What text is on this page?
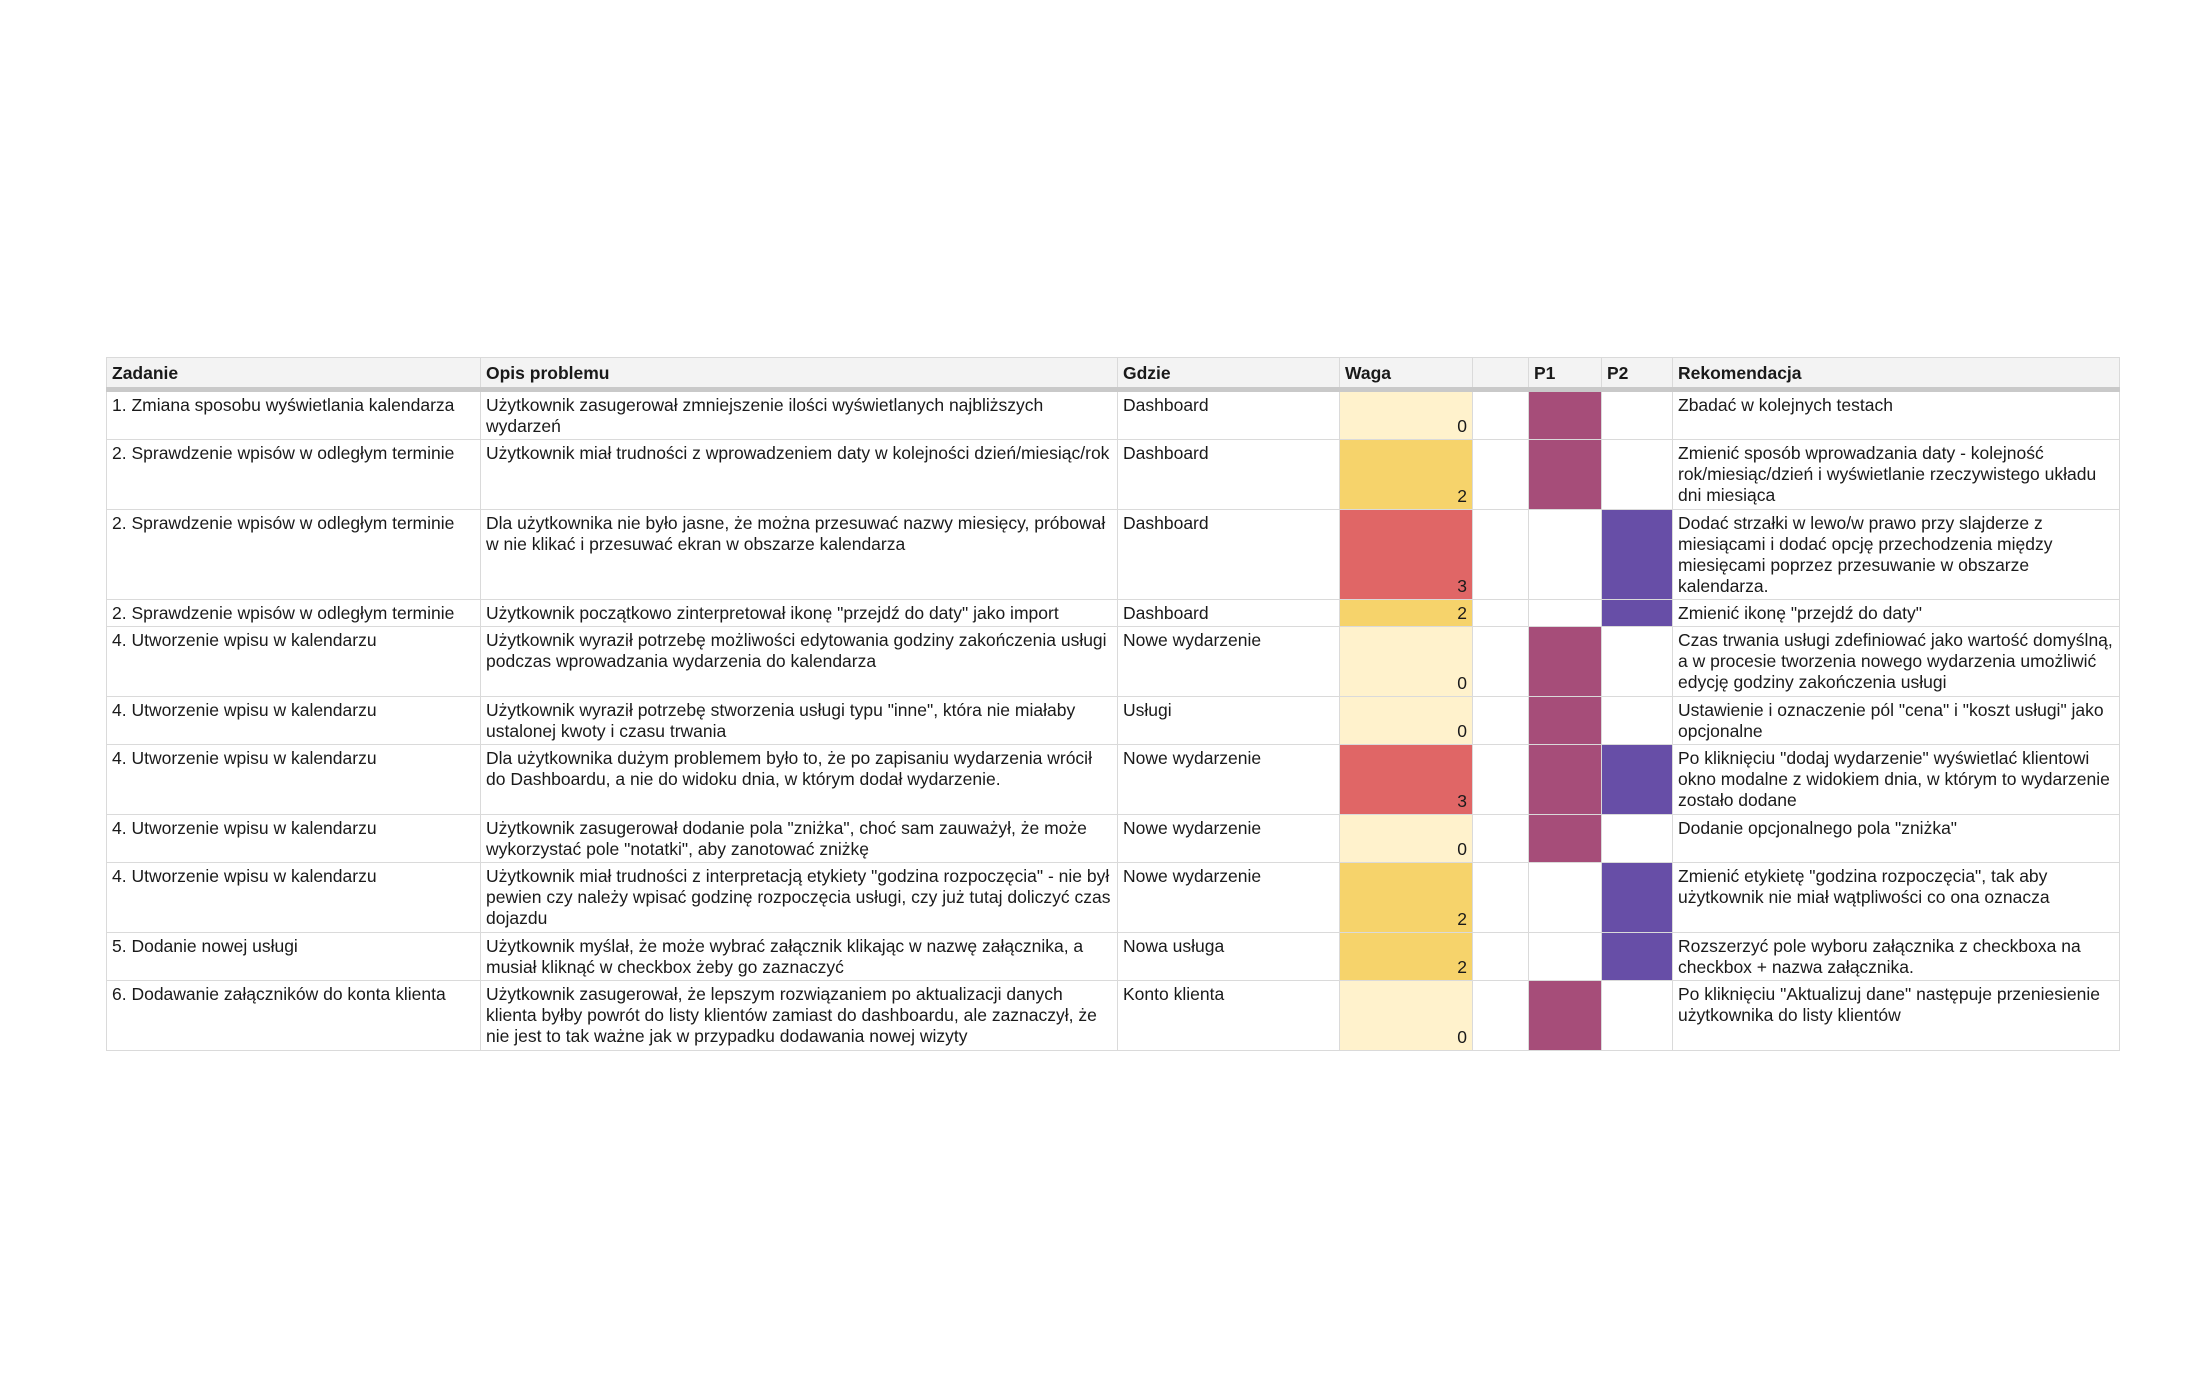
Zadanie	Opis problemu	Gdzie	Waga		P1	P2	Rekomendacja
1. Zmiana sposobu wyświetlania kalendarza	Użytkownik zasugerował zmniejszenie ilości wyświetlanych najbliższych wydarzeń	Dashboard	0				Zbadać w kolejnych testach
2. Sprawdzenie wpisów w odległym terminie	Użytkownik miał trudności z wprowadzeniem daty w kolejności dzień/miesiąc/rok	Dashboard	2				Zmienić sposób wprowadzania daty - kolejność rok/miesiąc/dzień i wyświetlanie rzeczywistego układu dni miesiąca
2. Sprawdzenie wpisów w odległym terminie	Dla użytkownika nie było jasne, że można przesuwać nazwy miesięcy, próbował w nie klikać i przesuwać ekran w obszarze kalendarza	Dashboard	3				Dodać strzałki w lewo/w prawo przy slajderze z miesiącami i dodać opcję przechodzenia między miesięcami poprzez przesuwanie w obszarze kalendarza.
2. Sprawdzenie wpisów w odległym terminie	Użytkownik początkowo zinterpretował ikonę "przejdź do daty" jako import	Dashboard	2				Zmienić ikonę "przejdź do daty"
4. Utworzenie wpisu w kalendarzu	Użytkownik wyraził potrzebę możliwości edytowania godziny zakończenia usługi podczas wprowadzania wydarzenia do kalendarza	Nowe wydarzenie	0				Czas trwania usługi zdefiniować jako wartość domyślną, a w procesie tworzenia nowego wydarzenia umożliwić edycję godziny zakończenia usługi
4. Utworzenie wpisu w kalendarzu	Użytkownik wyraził potrzebę stworzenia usługi typu "inne", która nie miałaby ustalonej kwoty i czasu trwania	Usługi	0				Ustawienie i oznaczenie pól "cena" i "koszt usługi" jako opcjonalne
4. Utworzenie wpisu w kalendarzu	Dla użytkownika dużym problemem było to, że po zapisaniu wydarzenia wrócił do Dashboardu, a nie do widoku dnia, w którym dodał wydarzenie.	Nowe wydarzenie	3				Po kliknięciu "dodaj wydarzenie" wyświetlać klientowi okno modalne z widokiem dnia, w którym to wydarzenie zostało dodane
4. Utworzenie wpisu w kalendarzu	Użytkownik zasugerował dodanie pola "zniżka", choć sam zauważył, że może wykorzystać pole "notatki", aby zanotować zniżkę	Nowe wydarzenie	0				Dodanie opcjonalnego pola "zniżka"
4. Utworzenie wpisu w kalendarzu	Użytkownik miał trudności z interpretacją etykiety "godzina rozpoczęcia" - nie był pewien czy należy wpisać godzinę rozpoczęcia usługi, czy już tutaj doliczyć czas dojazdu	Nowe wydarzenie	2				Zmienić etykietę "godzina rozpoczęcia", tak aby użytkownik nie miał wątpliwości co ona oznacza
5. Dodanie nowej usługi	Użytkownik myślał, że może wybrać załącznik klikając w nazwę załącznika, a musiał kliknąć w checkbox żeby go zaznaczyć	Nowa usługa	2				Rozszerzyć pole wyboru załącznika z checkboxa na checkbox + nazwa załącznika.
6. Dodawanie załączników do konta klienta	Użytkownik zasugerował, że lepszym rozwiązaniem po aktualizacji danych klienta byłby powrót do listy klientów zamiast do dashboardu, ale zaznaczył, że nie jest to tak ważne jak w przypadku dodawania nowej wizyty	Konto klienta	0				Po kliknięciu "Aktualizuj dane" następuje przeniesienie użytkownika do listy klientów
